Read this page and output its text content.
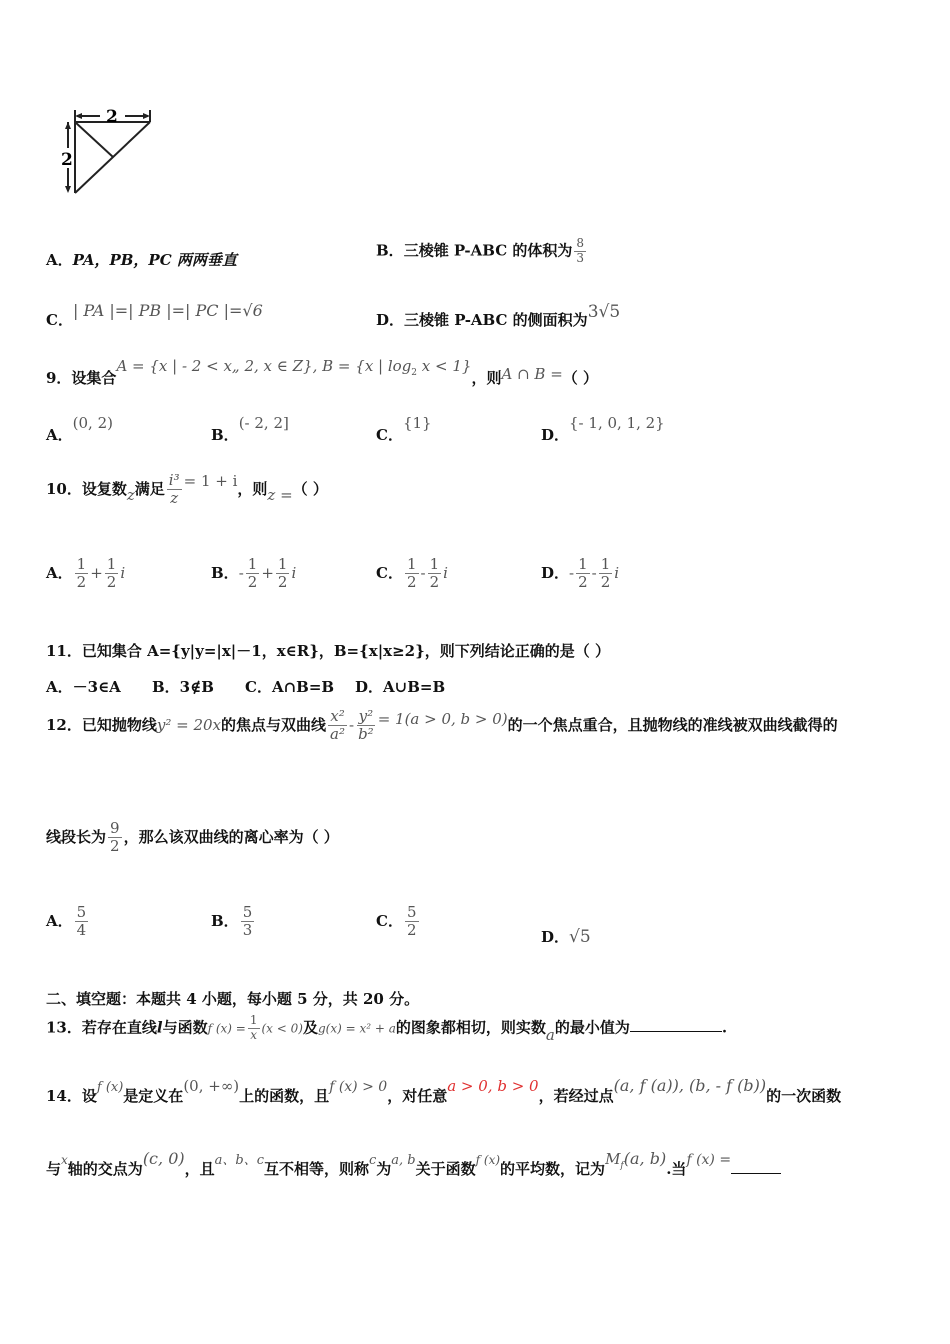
2
2
A．PA，PB，PC 两两垂直
B．三棱锥 P-ABC 的体积为 $\frac{8}{3}$
C．| PA |=| PB |=| PC |=√6	D．三棱锥 P-ABC 的侧面积为3√5
9．设集合A = {x | - 2 < x„ 2, x ∈ Z}, B = {x | $\log_2 x < 1$}，则A ∩ B =（ ）
A．(0, 2)
B．(- 2, 2]
C．{1}
D．{- 1, 0, 1, 2}
10．设复数z满足 $\frac{\text{i³}}{z} = 1 + i$，则z =（ ）
A． $\frac{1}{2} + \frac{1}{2}$ i	B．- $\frac{1}{2} + \frac{1}{2}$ i	C． $\frac{1}{2} - \frac{1}{2}$ i	D．- $\frac{1}{2} - \frac{1}{2}$ i
11．已知集合 A={y|y=|x|－1，x∈R}，B={x|x≥2}，则下列结论正确的是（ ）
A．－3∈A B．3∉B C．A∩B=B D．A∪B=B
12．已知抛物线y² = 20x的焦点与双曲线 $\frac{\text{x²}}{\text{a²}} - \frac{\text{y²}}{\text{b²}} = 1(a > 0$, b > 0)的一个焦点重合，且抛物线的准线被双曲线截得的
线段长为 $\frac{9}{2}$ ，那么该双曲线的离心率为（ ）
A． $\frac{5}{4}$	B． $\frac{5}{3}$	C． $\frac{5}{2}$	D．√5
二、填空题：本题共 4 小题，每小题 5 分，共 20 分。
13．若存在直线l与函数f $(x) = \frac{1}{x} (x < 0)$及g(x) = x² + a的图象都相切，则实数a的最小值为	.
14．设f (x)是定义在(0, +∞)上的函数，且f (x) > 0，对任意a > 0, b > 0，若经过点(a, f (a)), (b, - f (b))的一次函数
与x轴的交点为(c, 0)，且a、b、c互不相等，则称c为a, b关于函数f (x)的平均数，记为$M_f(a$, b).当f (x) =
